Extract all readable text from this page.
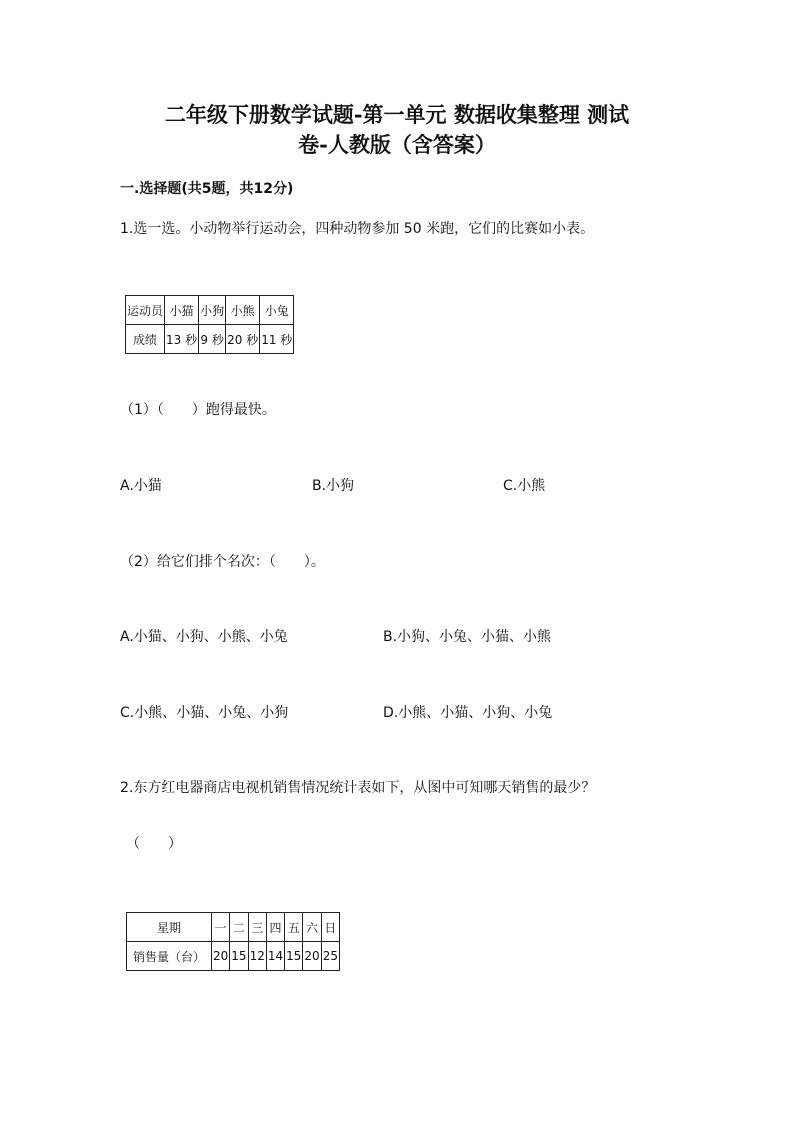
二年级下册数学试题-第一单元 数据收集整理 测试
卷-人教版（含答案）
一.选择题(共5题，共12分)
1.选一选。小动物举行运动会，四种动物参加 50 米跑，它们的比赛如小表。
运动员	小猫	小狗	小熊	小兔
成绩	13 秒	9 秒	20 秒	11 秒
（1）（　　）跑得最快。
A.小猫	B.小狗	C.小熊
（2）给它们排个名次：（　　）。
A.小猫、小狗、小熊、小兔	B.小狗、小兔、小猫、小熊
C.小熊、小猫、小兔、小狗	D.小熊、小猫、小狗、小兔
2.东方红电器商店电视机销售情况统计表如下，从图中可知哪天销售的最少？
（　　）
星期	一	二	三	四	五	六	日
销售量（台）	20	15	12	14	15	20	25
